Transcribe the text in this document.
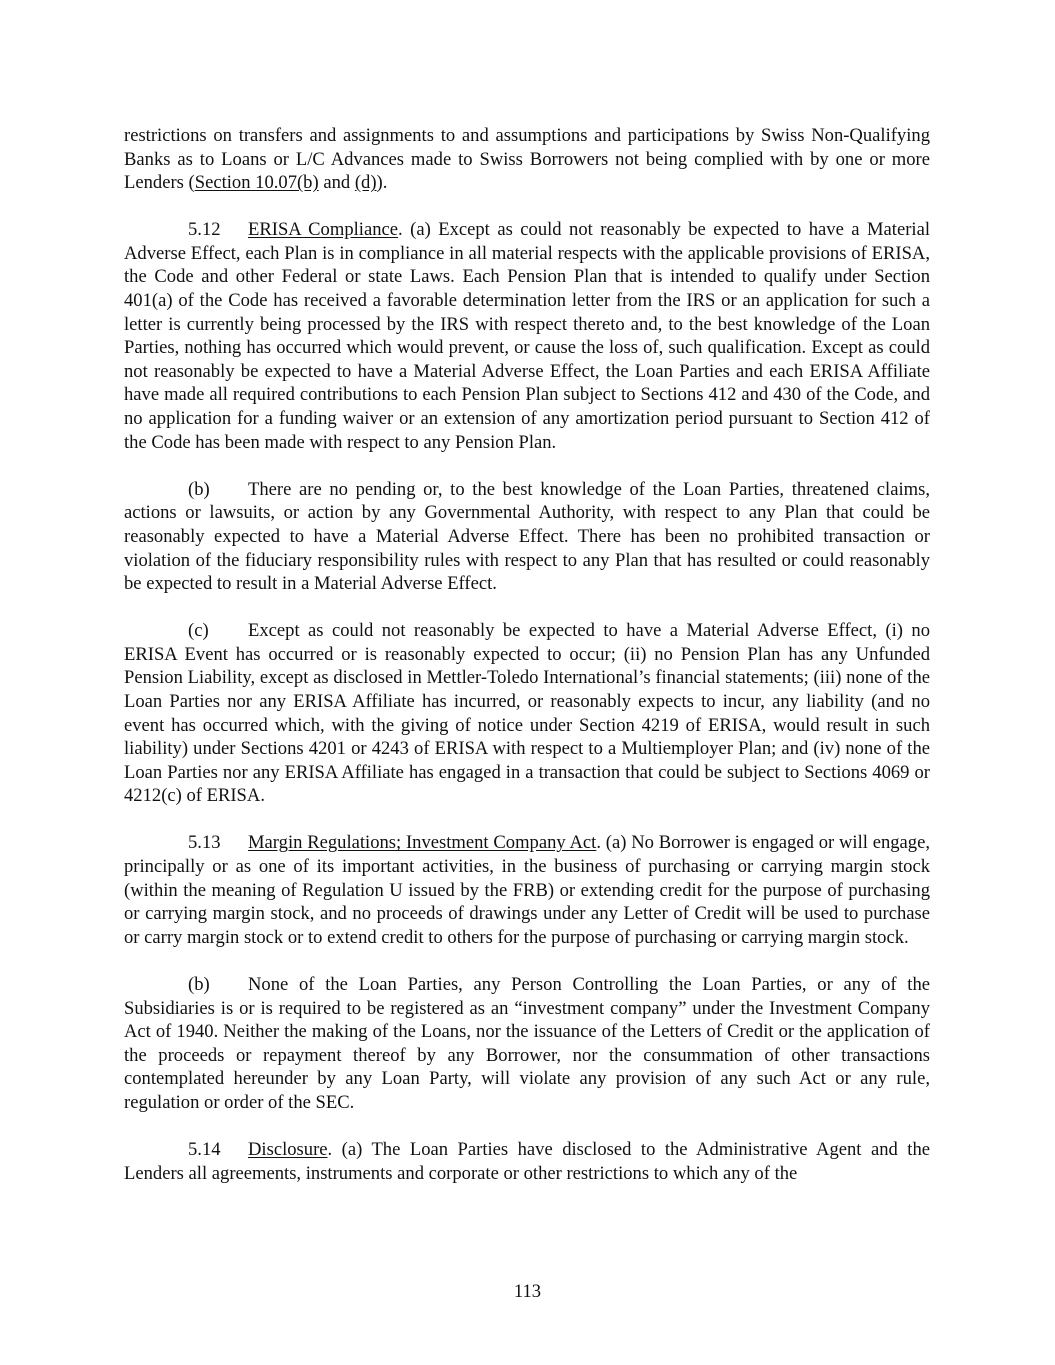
restrictions on transfers and assignments to and assumptions and participations by Swiss Non-Qualifying Banks as to Loans or L/C Advances made to Swiss Borrowers not being complied with by one or more Lenders (Section 10.07(b) and (d)).

5.12 ERISA Compliance. (a) Except as could not reasonably be expected to have a Material Adverse Effect, each Plan is in compliance in all material respects with the applicable provisions of ERISA, the Code and other Federal or state Laws. Each Pension Plan that is intended to qualify under Section 401(a) of the Code has received a favorable determination letter from the IRS or an application for such a letter is currently being processed by the IRS with respect thereto and, to the best knowledge of the Loan Parties, nothing has occurred which would prevent, or cause the loss of, such qualification. Except as could not reasonably be expected to have a Material Adverse Effect, the Loan Parties and each ERISA Affiliate have made all required contributions to each Pension Plan subject to Sections 412 and 430 of the Code, and no application for a funding waiver or an extension of any amortization period pursuant to Section 412 of the Code has been made with respect to any Pension Plan.

(b) There are no pending or, to the best knowledge of the Loan Parties, threatened claims, actions or lawsuits, or action by any Governmental Authority, with respect to any Plan that could be reasonably expected to have a Material Adverse Effect. There has been no prohibited transaction or violation of the fiduciary responsibility rules with respect to any Plan that has resulted or could reasonably be expected to result in a Material Adverse Effect.

(c) Except as could not reasonably be expected to have a Material Adverse Effect, (i) no ERISA Event has occurred or is reasonably expected to occur; (ii) no Pension Plan has any Unfunded Pension Liability, except as disclosed in Mettler-Toledo International’s financial statements; (iii) none of the Loan Parties nor any ERISA Affiliate has incurred, or reasonably expects to incur, any liability (and no event has occurred which, with the giving of notice under Section 4219 of ERISA, would result in such liability) under Sections 4201 or 4243 of ERISA with respect to a Multiemployer Plan; and (iv) none of the Loan Parties nor any ERISA Affiliate has engaged in a transaction that could be subject to Sections 4069 or 4212(c) of ERISA.

5.13 Margin Regulations; Investment Company Act. (a) No Borrower is engaged or will engage, principally or as one of its important activities, in the business of purchasing or carrying margin stock (within the meaning of Regulation U issued by the FRB) or extending credit for the purpose of purchasing or carrying margin stock, and no proceeds of drawings under any Letter of Credit will be used to purchase or carry margin stock or to extend credit to others for the purpose of purchasing or carrying margin stock.

(b) None of the Loan Parties, any Person Controlling the Loan Parties, or any of the Subsidiaries is or is required to be registered as an “investment company” under the Investment Company Act of 1940. Neither the making of the Loans, nor the issuance of the Letters of Credit or the application of the proceeds or repayment thereof by any Borrower, nor the consummation of other transactions contemplated hereunder by any Loan Party, will violate any provision of any such Act or any rule, regulation or order of the SEC.

5.14 Disclosure. (a) The Loan Parties have disclosed to the Administrative Agent and the Lenders all agreements, instruments and corporate or other restrictions to which any of the

113
